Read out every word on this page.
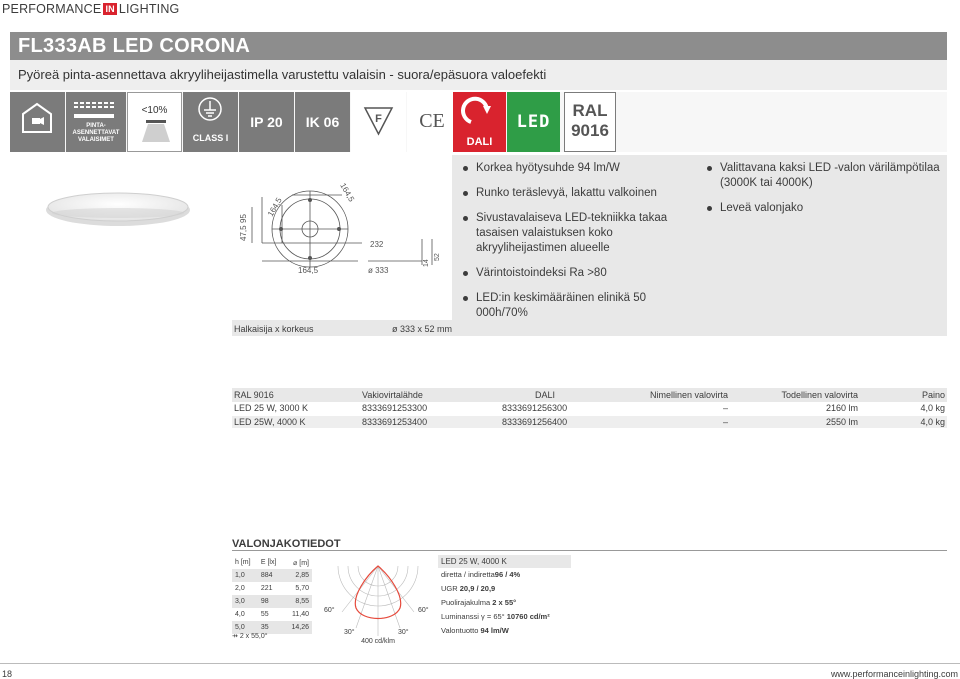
PERFORMANCE IN LIGHTING
FL333AB LED CORONA
Pyöreä pinta-asennettava akryyliheijastimella varustettu valaisin - suora/epäsuora valoefekti
PINTA-ASENNETTAVAT VALAISIMET
<10%
CLASS I
IP 20	IK 06	F	CE
DALI
LED
RAL
9016
47,5
95
164,5
164,5
164,5
232
ø 333
14
52
Korkea hyötysuhde 94 lm/W
Runko teräslevyä, lakattu valkoinen
Sivustavalaiseva LED-tekniikka takaa tasaisen valaistuksen koko akryyliheijastimen alueelle
Värintoistoindeksi Ra >80
LED:in keskimääräinen elinikä 50 000h/70%
Valittavana kaksi LED -valon värilämpötilaa (3000K tai 4000K)
Leveä valonjako
Halkaisija x korkeus	ø 333 x 52 mm
RAL 9016	Vakiovirtalähde	DALI	Nimellinen valovirta	Todellinen valovirta	Paino
LED 25 W, 3000 K	8333691253300	8333691256300	–	2160 lm	4,0 kg
LED 25W, 4000 K	8333691253400	8333691256400	–	2550 lm	4,0 kg
VALONJAKOTIEDOT
h [m]	E [lx]	⌀ [m]
1,0	884	2,85
2,0	221	5,70
3,0	98	8,55
4,0	55	11,40
5,0	35	14,26
⇸ 2 x 55,0°
60°	60°
30°	30°
400 cd/klm
LED 25 W, 4000 K
diretta / indiretta96 / 4%
UGR 20,9 / 20,9
Puolirajakulma 2 x 55°
Luminanssi γ = 65° 10760 cd/m²
Valontuotto 94 lm/W
18	www.performanceinlighting.com
